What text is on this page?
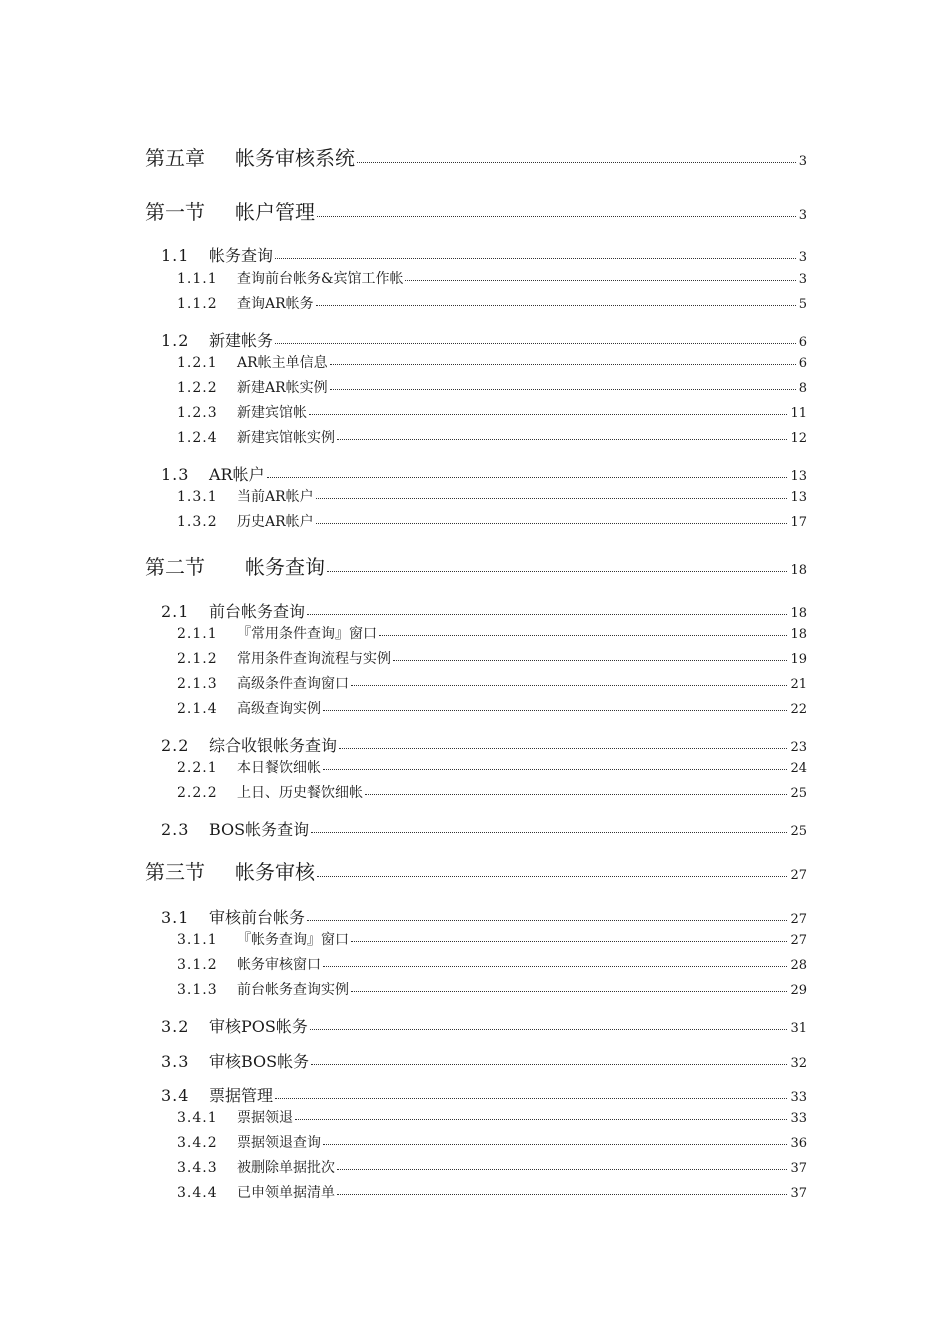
第五章	帐务审核系统	3
第一节	帐户管理	3
1.1	帐务查询	3
1.1.1	查询前台帐务&宾馆工作帐	3
1.1.2	查询AR帐务	5
1.2	新建帐务	6
1.2.1	AR帐主单信息	6
1.2.2	新建AR帐实例	8
1.2.3	新建宾馆帐	11
1.2.4	新建宾馆帐实例	12
1.3	AR帐户	13
1.3.1	当前AR帐户	13
1.3.2	历史AR帐户	17
第二节	帐务查询	18
2.1	前台帐务查询	18
2.1.1	『常用条件查询』窗口	18
2.1.2	常用条件查询流程与实例	19
2.1.3	高级条件查询窗口	21
2.1.4	高级查询实例	22
2.2	综合收银帐务查询	23
2.2.1	本日餐饮细帐	24
2.2.2	上日、历史餐饮细帐	25
2.3	BOS帐务查询	25
第三节	帐务审核	27
3.1	审核前台帐务	27
3.1.1	『帐务查询』窗口	27
3.1.2	帐务审核窗口	28
3.1.3	前台帐务查询实例	29
3.2	审核POS帐务	31
3.3	审核BOS帐务	32
3.4	票据管理	33
3.4.1	票据领退	33
3.4.2	票据领退查询	36
3.4.3	被删除单据批次	37
3.4.4	已申领单据清单	37
